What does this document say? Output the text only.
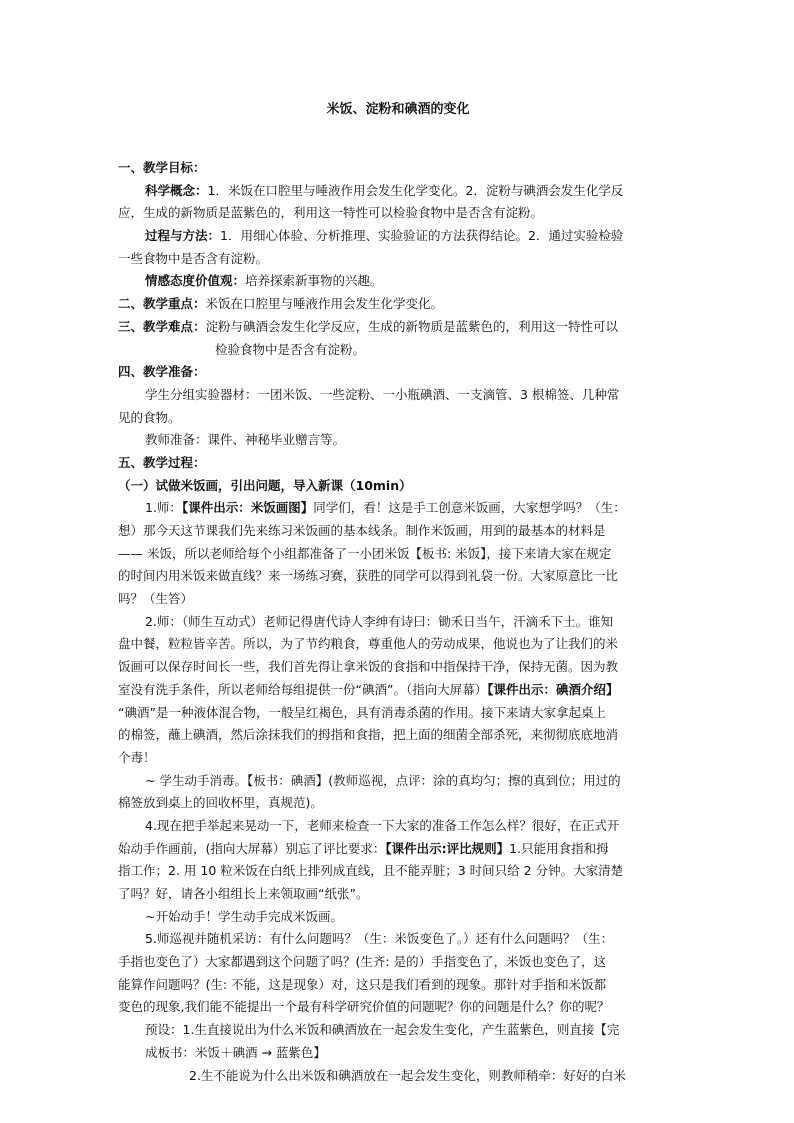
米饭、淀粉和碘酒的变化
一、教学目标：
科学概念：1．米饭在口腔里与唾液作用会发生化学变化。2．淀粉与碘酒会发生化学反
应，生成的新物质是蓝紫色的，利用这一特性可以检验食物中是否含有淀粉。
过程与方法：1．用细心体验、分析推理、实验验证的方法获得结论。2．通过实验检验
一些食物中是否含有淀粉。
情感态度价值观：培养探索新事物的兴趣。
二、教学重点：米饭在口腔里与唾液作用会发生化学变化。
三、教学难点：淀粉与碘酒会发生化学反应，生成的新物质是蓝紫色的，利用这一特性可以
检验食物中是否含有淀粉。
四、教学准备：
学生分组实验器材：一团米饭、一些淀粉、一小瓶碘酒、一支滴管、3 根棉签、几种常
见的食物。
教师准备：课件、神秘毕业赠言等。
五、教学过程：
（一）试做米饭画，引出问题，导入新课（10min）
1.师：【课件出示：米饭画图】同学们，看！这是手工创意米饭画，大家想学吗？（生：
想）那今天这节课我们先来练习米饭画的基本线条。制作米饭画，用到的最基本的材料是
—— 米饭，所以老师给每个小组都准备了一小团米饭【板书: 米饭】，接下来请大家在规定
的时间内用米饭来做直线？来一场练习赛，获胜的同学可以得到礼袋一份。大家原意比一比
吗？（生答）
2.师：（师生互动式）老师记得唐代诗人李绅有诗曰：锄禾日当午，汗滴禾下土。谁知
盘中餐，粒粒皆辛苦。所以，为了节约粮食，尊重他人的劳动成果，他说也为了让我们的米
饭画可以保存时间长一些，我们首先得让拿米饭的食指和中指保持干净，保持无菌。因为教
室没有洗手条件，所以老师给每组提供一份“碘酒”。（指向大屏幕）【课件出示：碘酒介绍】
“碘酒”是一种液体混合物，一般呈红褐色，具有消毒杀菌的作用。接下来请大家拿起桌上
的棉签，蘸上碘酒，然后涂抹我们的拇指和食指，把上面的细菌全部杀死，来彻彻底底地消
个毒！
~ 学生动手消毒。【板书：碘酒】(教师巡视，点评：涂的真均匀；擦的真到位；用过的
棉签放到桌上的回收杯里，真规范)。
4.现在把手举起来晃动一下，老师来检查一下大家的准备工作怎么样？很好，在正式开
始动手作画前，(指向大屏幕）别忘了评比要求：【课件出示:评比规则】1.只能用食指和拇
指工作；2. 用 10 粒米饭在白纸上排列成直线，且不能弄脏；3 时间只给 2 分钟。大家清楚
了吗？好，请各小组组长上来领取画“纸张”。
~开始动手！学生动手完成米饭画。
5.师巡视并随机采访：有什么问题吗？（生：米饭变色了。）还有什么问题吗？（生：
手指也变色了）大家都遇到这个问题了吗？(生齐: 是的）手指变色了，米饭也变色了，这
能算作问题吗？(生: 不能，这是现象）对，这只是我们看到的现象。那针对手指和米饭都
变色的现象,我们能不能提出一个最有科学研究价值的问题呢？你的问题是什么？你的呢？
预设：1.生直接说出为什么米饭和碘酒放在一起会发生变化，产生蓝紫色，则直接【完
成板书：米饭＋碘酒 → 蓝紫色】
2.生不能说为什么出米饭和碘酒放在一起会发生变化，则教师稍牵：好好的白米
